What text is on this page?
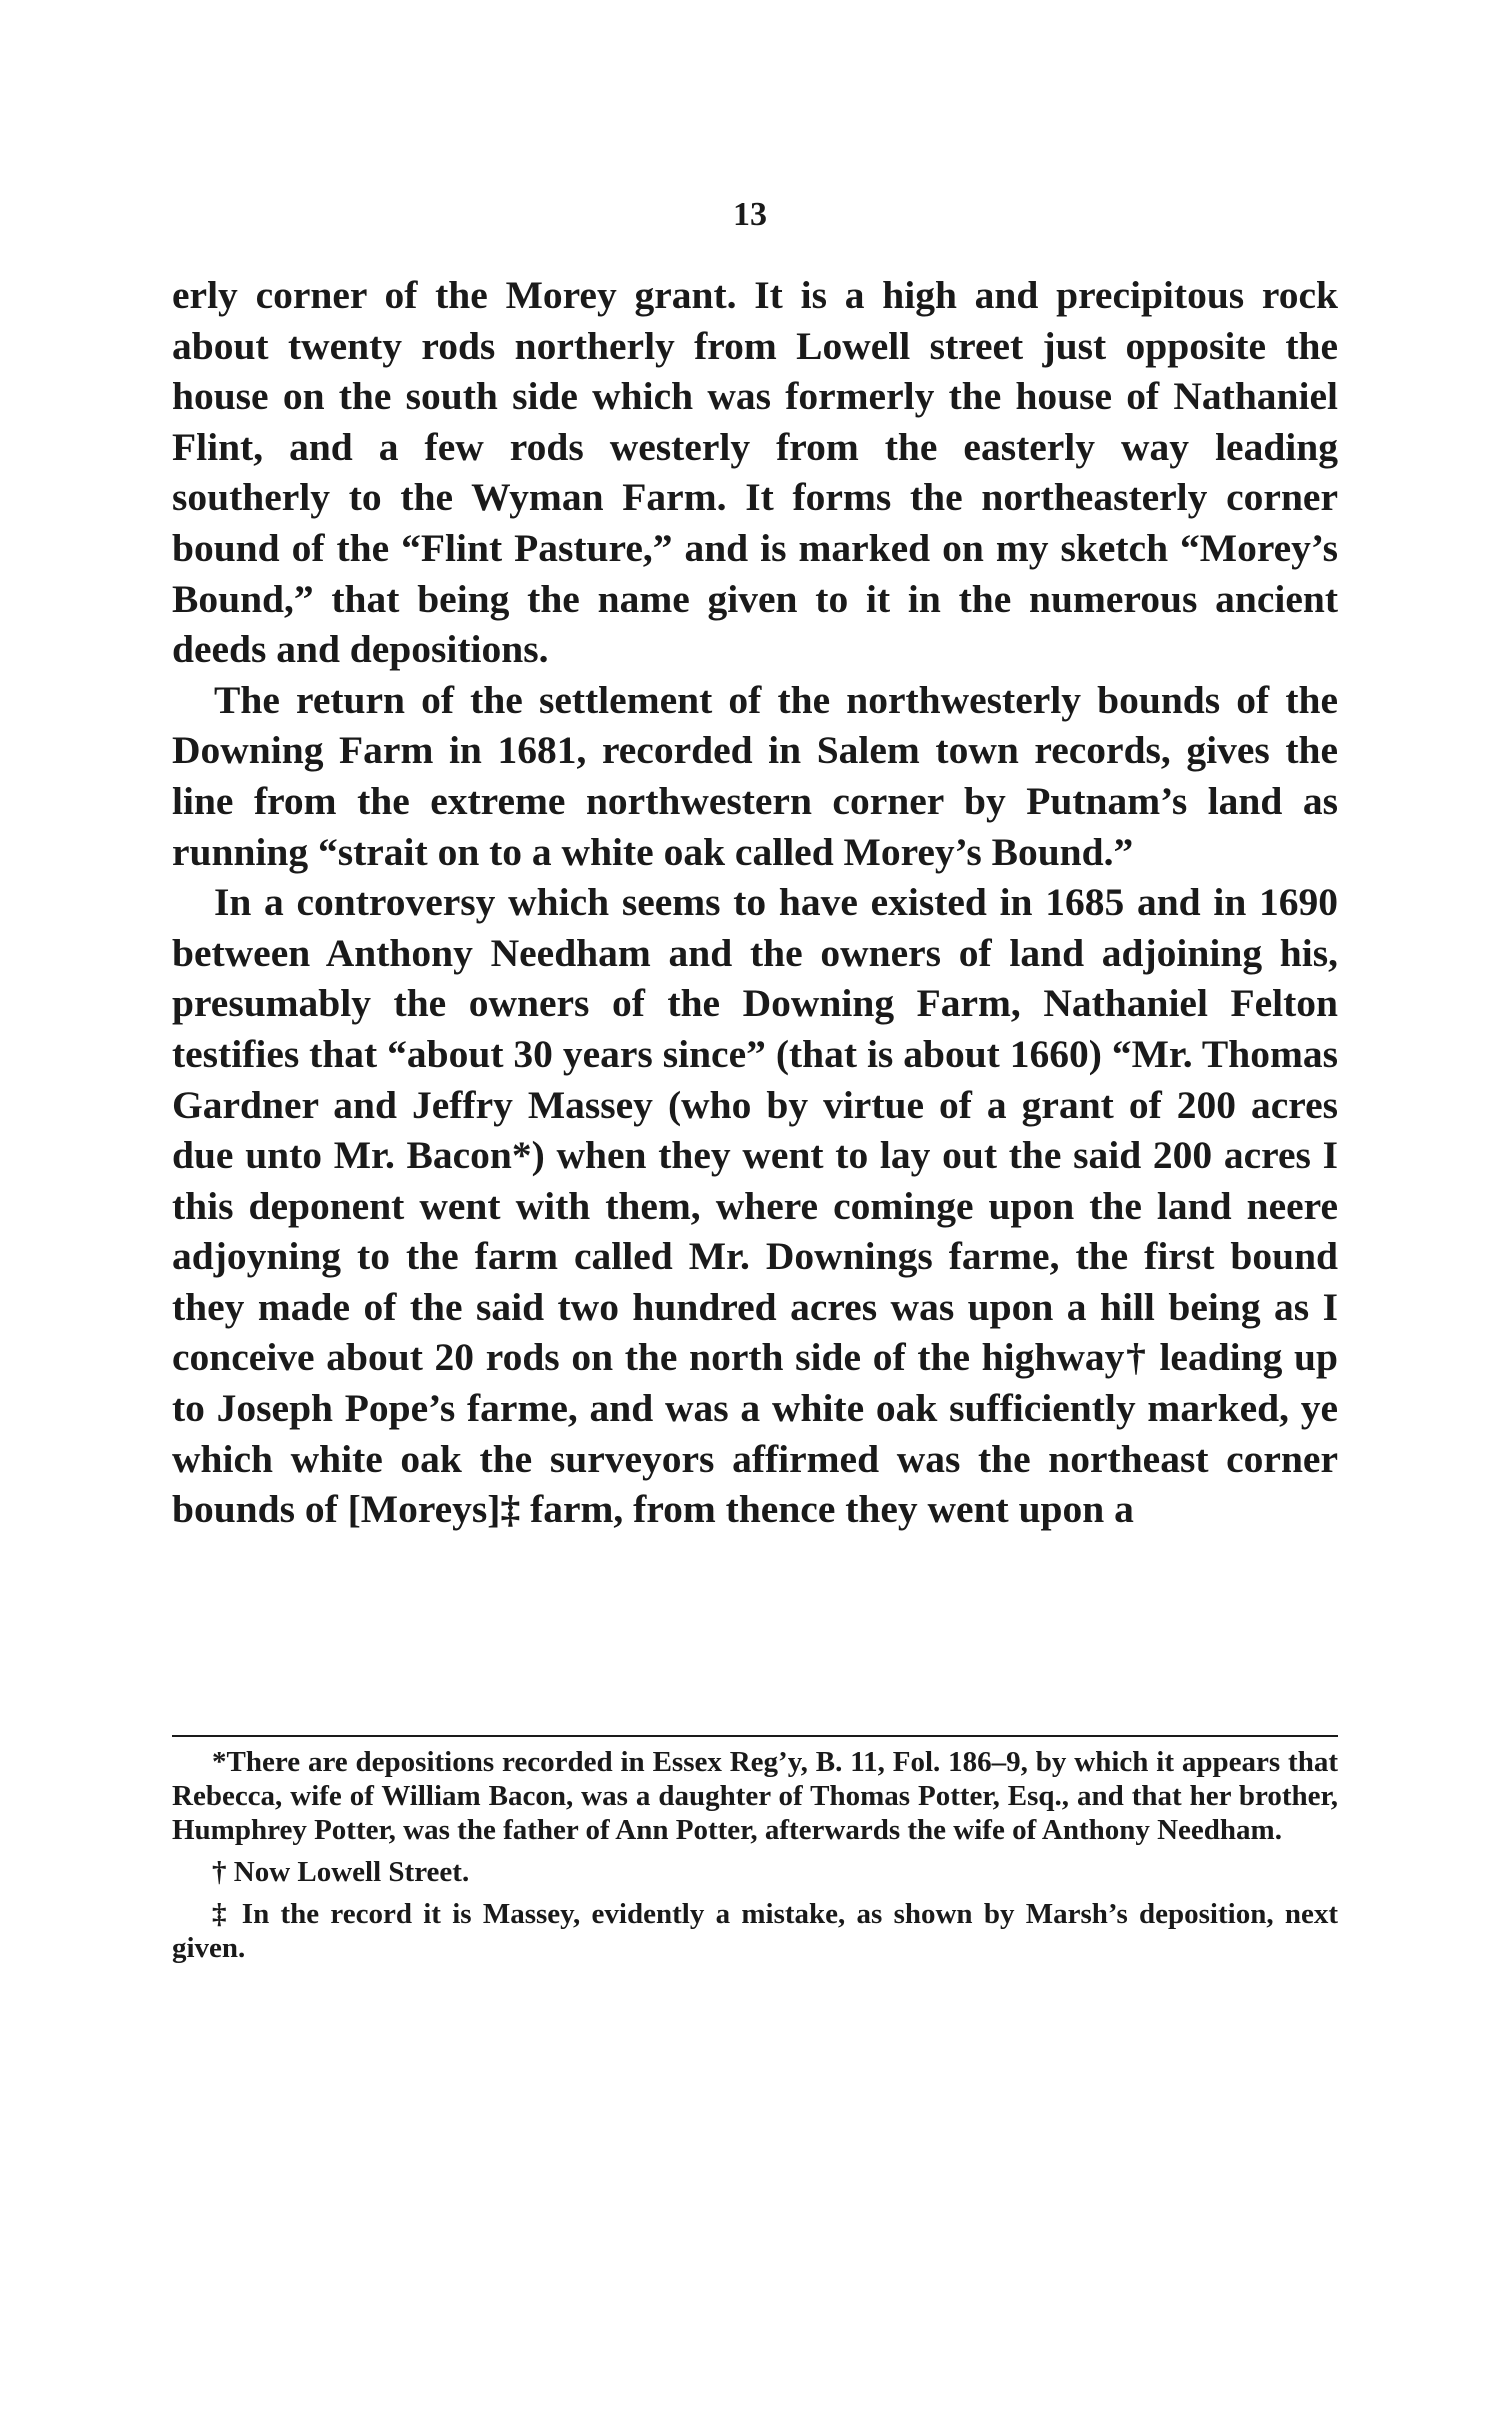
13

erly corner of the Morey grant. It is a high and precipitous rock about twenty rods northerly from Lowell street just opposite the house on the south side which was formerly the house of Nathaniel Flint, and a few rods westerly from the easterly way leading southerly to the Wyman Farm. It forms the northeasterly corner bound of the “Flint Pasture,” and is marked on my sketch “Morey’s Bound,” that being the name given to it in the numerous ancient deeds and depositions.

The return of the settlement of the northwesterly bounds of the Downing Farm in 1681, recorded in Salem town records, gives the line from the extreme northwestern corner by Putnam’s land as running “strait on to a white oak called Morey’s Bound.”

In a controversy which seems to have existed in 1685 and in 1690 between Anthony Needham and the owners of land adjoining his, presumably the owners of the Downing Farm, Nathaniel Felton testifies that “about 30 years since” (that is about 1660) “Mr. Thomas Gardner and Jeffry Massey (who by virtue of a grant of 200 acres due unto Mr. Bacon*) when they went to lay out the said 200 acres I this deponent went with them, where cominge upon the land neere adjoyning to the farm called Mr. Downings farme, the first bound they made of the said two hundred acres was upon a hill being as I conceive about 20 rods on the north side of the highway† leading up to Joseph Pope’s farme, and was a white oak sufficiently marked, ye which white oak the surveyors affirmed was the northeast corner bounds of [Moreys]‡ farm, from thence they went upon a

*There are depositions recorded in Essex Reg’y, B. 11, Fol. 186–9, by which it appears that Rebecca, wife of William Bacon, was a daughter of Thomas Potter, Esq., and that her brother, Humphrey Potter, was the father of Ann Potter, afterwards the wife of Anthony Needham.

† Now Lowell Street.

‡ In the record it is Massey, evidently a mistake, as shown by Marsh’s deposition, next given.
